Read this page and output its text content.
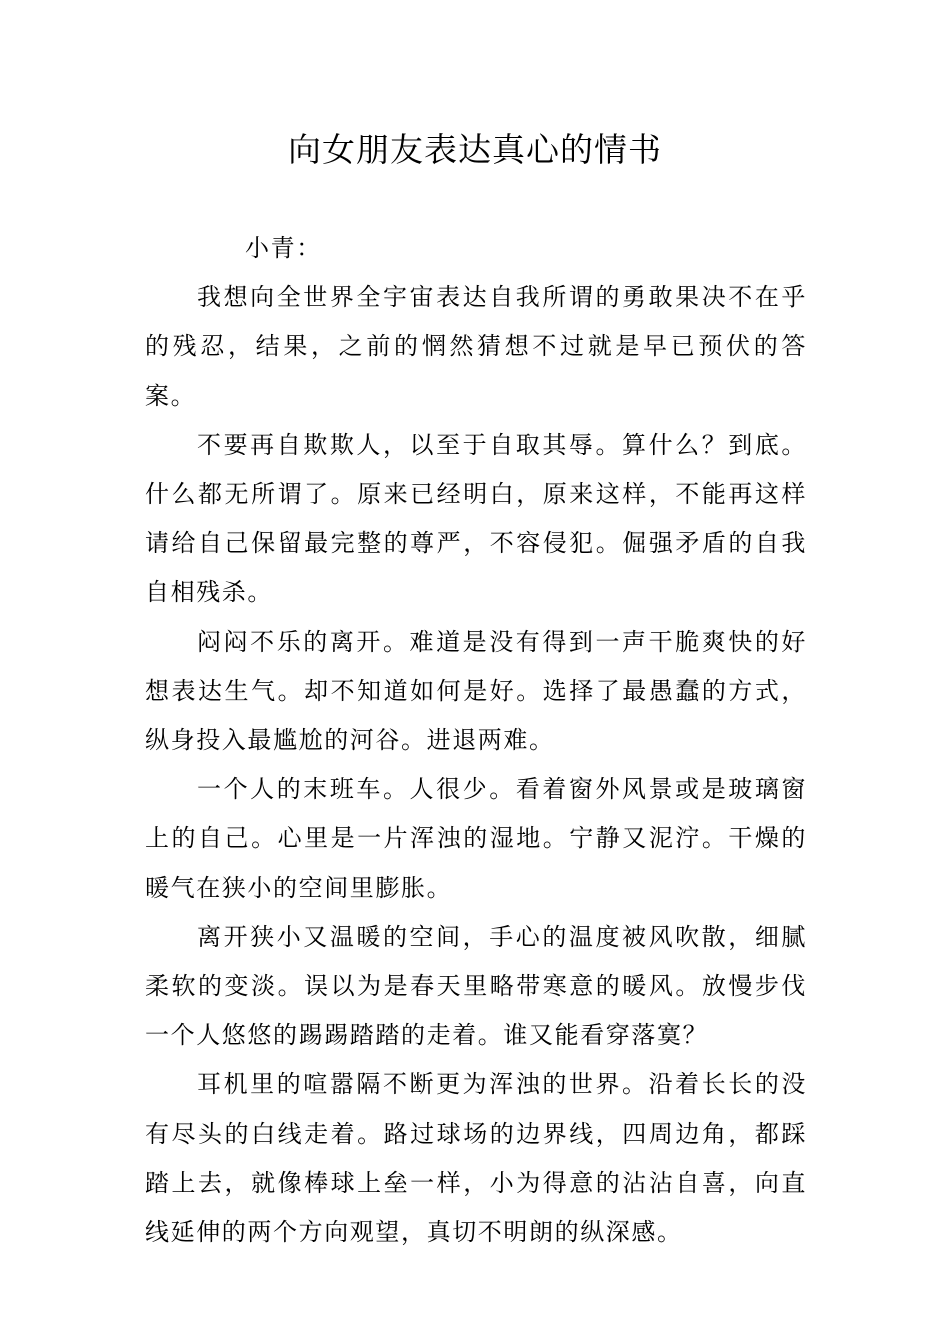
向女朋友表达真心的情书

小青：

我想向全世界全宇宙表达自我所谓的勇敢果决不在乎的残忍，结果，之前的惘然猜想不过就是早已预伏的答案。

不要再自欺欺人，以至于自取其辱。算什么？到底。什么都无所谓了。原来已经明白，原来这样，不能再这样请给自己保留最完整的尊严，不容侵犯。倔强矛盾的自我自相残杀。

闷闷不乐的离开。难道是没有得到一声干脆爽快的好想表达生气。却不知道如何是好。选择了最愚蠢的方式，纵身投入最尴尬的河谷。进退两难。

一个人的末班车。人很少。看着窗外风景或是玻璃窗上的自己。心里是一片浑浊的湿地。宁静又泥泞。干燥的暖气在狭小的空间里膨胀。

离开狭小又温暖的空间，手心的温度被风吹散，细腻柔软的变淡。误以为是春天里略带寒意的暖风。放慢步伐一个人悠悠的踢踢踏踏的走着。谁又能看穿落寞？

耳机里的喧嚣隔不断更为浑浊的世界。沿着长长的没有尽头的白线走着。路过球场的边界线，四周边角，都踩踏上去，就像棒球上垒一样，小为得意的沾沾自喜，向直线延伸的两个方向观望，真切不明朗的纵深感。
